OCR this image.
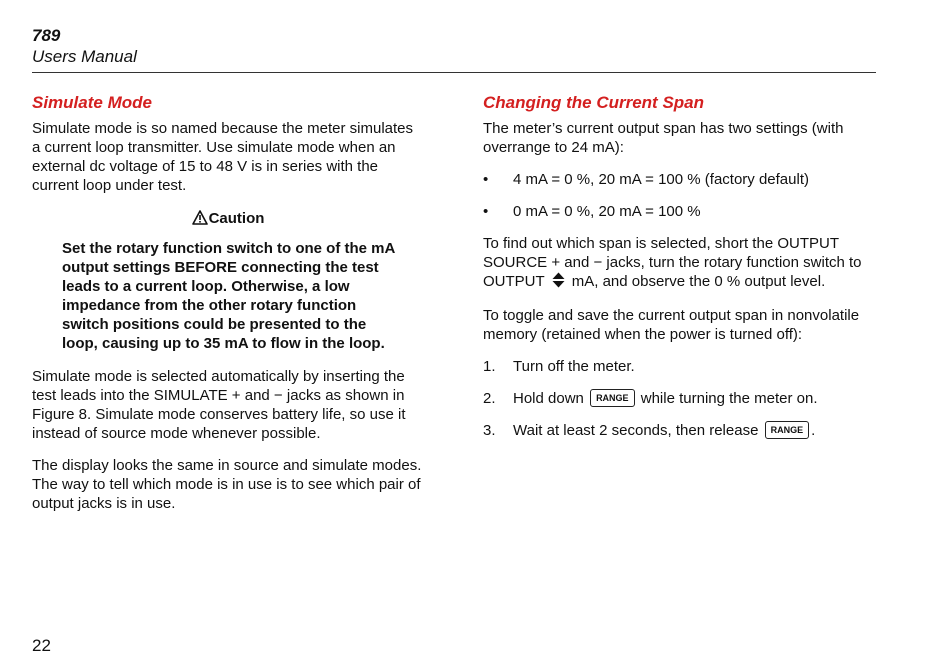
789
Users Manual
Simulate Mode

Simulate mode is so named because the meter simulates a current loop transmitter. Use simulate mode when an external dc voltage of 15 to 48 V is in series with the current loop under test.

Caution
Set the rotary function switch to one of the mA output settings BEFORE connecting the test leads to a current loop. Otherwise, a low impedance from the other rotary function switch positions could be presented to the loop, causing up to 35 mA to flow in the loop.

Simulate mode is selected automatically by inserting the test leads into the SIMULATE + and − jacks as shown in Figure 8. Simulate mode conserves battery life, so use it instead of source mode whenever possible.

The display looks the same in source and simulate modes. The way to tell which mode is in use is to see which pair of output jacks is in use.

Changing the Current Span

The meter’s current output span has two settings (with overrange to 24 mA):

• 4 mA = 0 %, 20 mA = 100 % (factory default)
• 0 mA = 0 %, 20 mA = 100 %

To find out which span is selected, short the OUTPUT SOURCE + and − jacks, turn the rotary function switch to OUTPUT mA, and observe the 0 % output level.

To toggle and save the current output span in nonvolatile memory (retained when the power is turned off):

1. Turn off the meter.
2. Hold down RANGE while turning the meter on.
3. Wait at least 2 seconds, then release RANGE .
22
